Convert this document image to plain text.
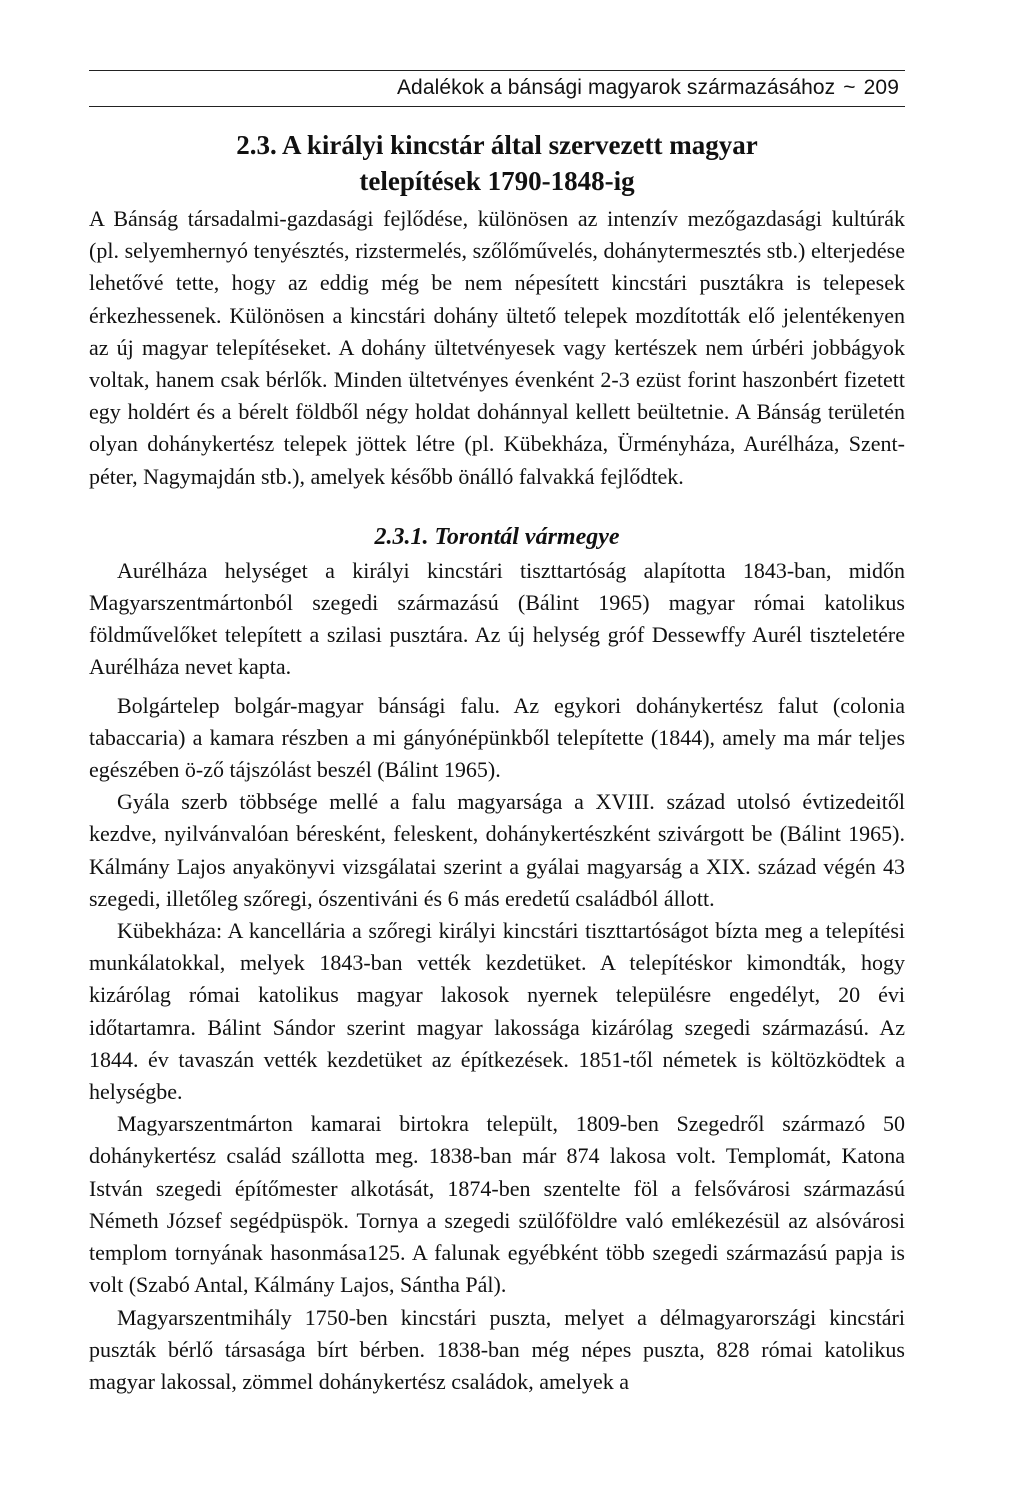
Adalékok a bánsági magyarok származásához ~ 209
2.3. A királyi kincstár által szervezett magyar
telepítések 1790-1848-ig

A Bánság társadalmi-gazdasági fejlődése, különösen az intenzív mezőgazdasági kultúrák (pl. selyemhernyó tenyésztés, rizstermelés, szőlőművelés, dohánytermesztés stb.) elterjedése lehetővé tette, hogy az eddig még be nem népesített kincstári pusztákra is telepesek érkezhessenek. Különösen a kincstári dohány ültető telepek mozdították elő jelentékenyen az új magyar telepítéseket. A dohány ültetvényesek vagy kertészek nem úrbéri jobbágyok voltak, hanem csak bérlők. Minden ültetvényes évenként 2-3 ezüst forint haszonbért fizetett egy holdért és a bérelt földből négy holdat dohánnyal kellett beültetnie. A Bánság területén olyan dohánykertész telepek jöttek létre (pl. Kübekháza, Ürményháza, Aurélháza, Szentpéter, Nagymajdán stb.), amelyek később önálló falvakká fejlődtek.

2.3.1. Torontál vármegye

Aurélháza helységet a királyi kincstári tiszttartóság alapította 1843-ban, midőn Magyarszentmártonból szegedi származású (Bálint 1965) magyar római katolikus földművelőket telepített a szilasi pusztára. Az új helység gróf Dessewffy Aurél tiszteletére Aurélháza nevet kapta.

Bolgártelep bolgár-magyar bánsági falu. Az egykori dohánykertész falut (colonia tabaccaria) a kamara részben a mi gányónépünkből telepítette (1844), amely ma már teljes egészében ö-ző tájszólást beszél (Bálint 1965).

Gyála szerb többsége mellé a falu magyarsága a XVIII. század utolsó évtizedeitől kezdve, nyilvánvalóan béresként, feleskent, dohánykertészként szivárgott be (Bálint 1965). Kálmány Lajos anyakönyvi vizsgálatai szerint a gyálai magyarság a XIX. század végén 43 szegedi, illetőleg szőregi, ószentiváni és 6 más eredetű családból állott.

Kübekháza: A kancellária a szőregi királyi kincstári tiszttartóságot bízta meg a telepítési munkálatokkal, melyek 1843-ban vették kezdetüket. A telepítéskor kimondták, hogy kizárólag római katolikus magyar lakosok nyernek településre engedélyt, 20 évi időtartamra. Bálint Sándor szerint magyar lakossága kizárólag szegedi származású. Az 1844. év tavaszán vették kezdetüket az építkezések. 1851-től németek is költözködtek a helységbe.

Magyarszentmárton kamarai birtokra települt, 1809-ben Szegedről származó 50 dohánykertész család szállotta meg. 1838-ban már 874 lakosa volt. Templomát, Katona István szegedi építőmester alkotását, 1874-ben szentelte föl a felsővárosi származású Németh József segédpüspök. Tornya a szegedi szülőföldre való emlékezésül az alsóvárosi templom tornyának hasonmása125. A falunak egyébként több szegedi származású papja is volt (Szabó Antal, Kálmány Lajos, Sántha Pál).

Magyarszentmihály 1750-ben kincstári puszta, melyet a délmagyarországi kincstári puszták bérlő társasága bírt bérben. 1838-ban még népes puszta, 828 római katolikus magyar lakossal, zömmel dohánykertész családok, amelyek a
